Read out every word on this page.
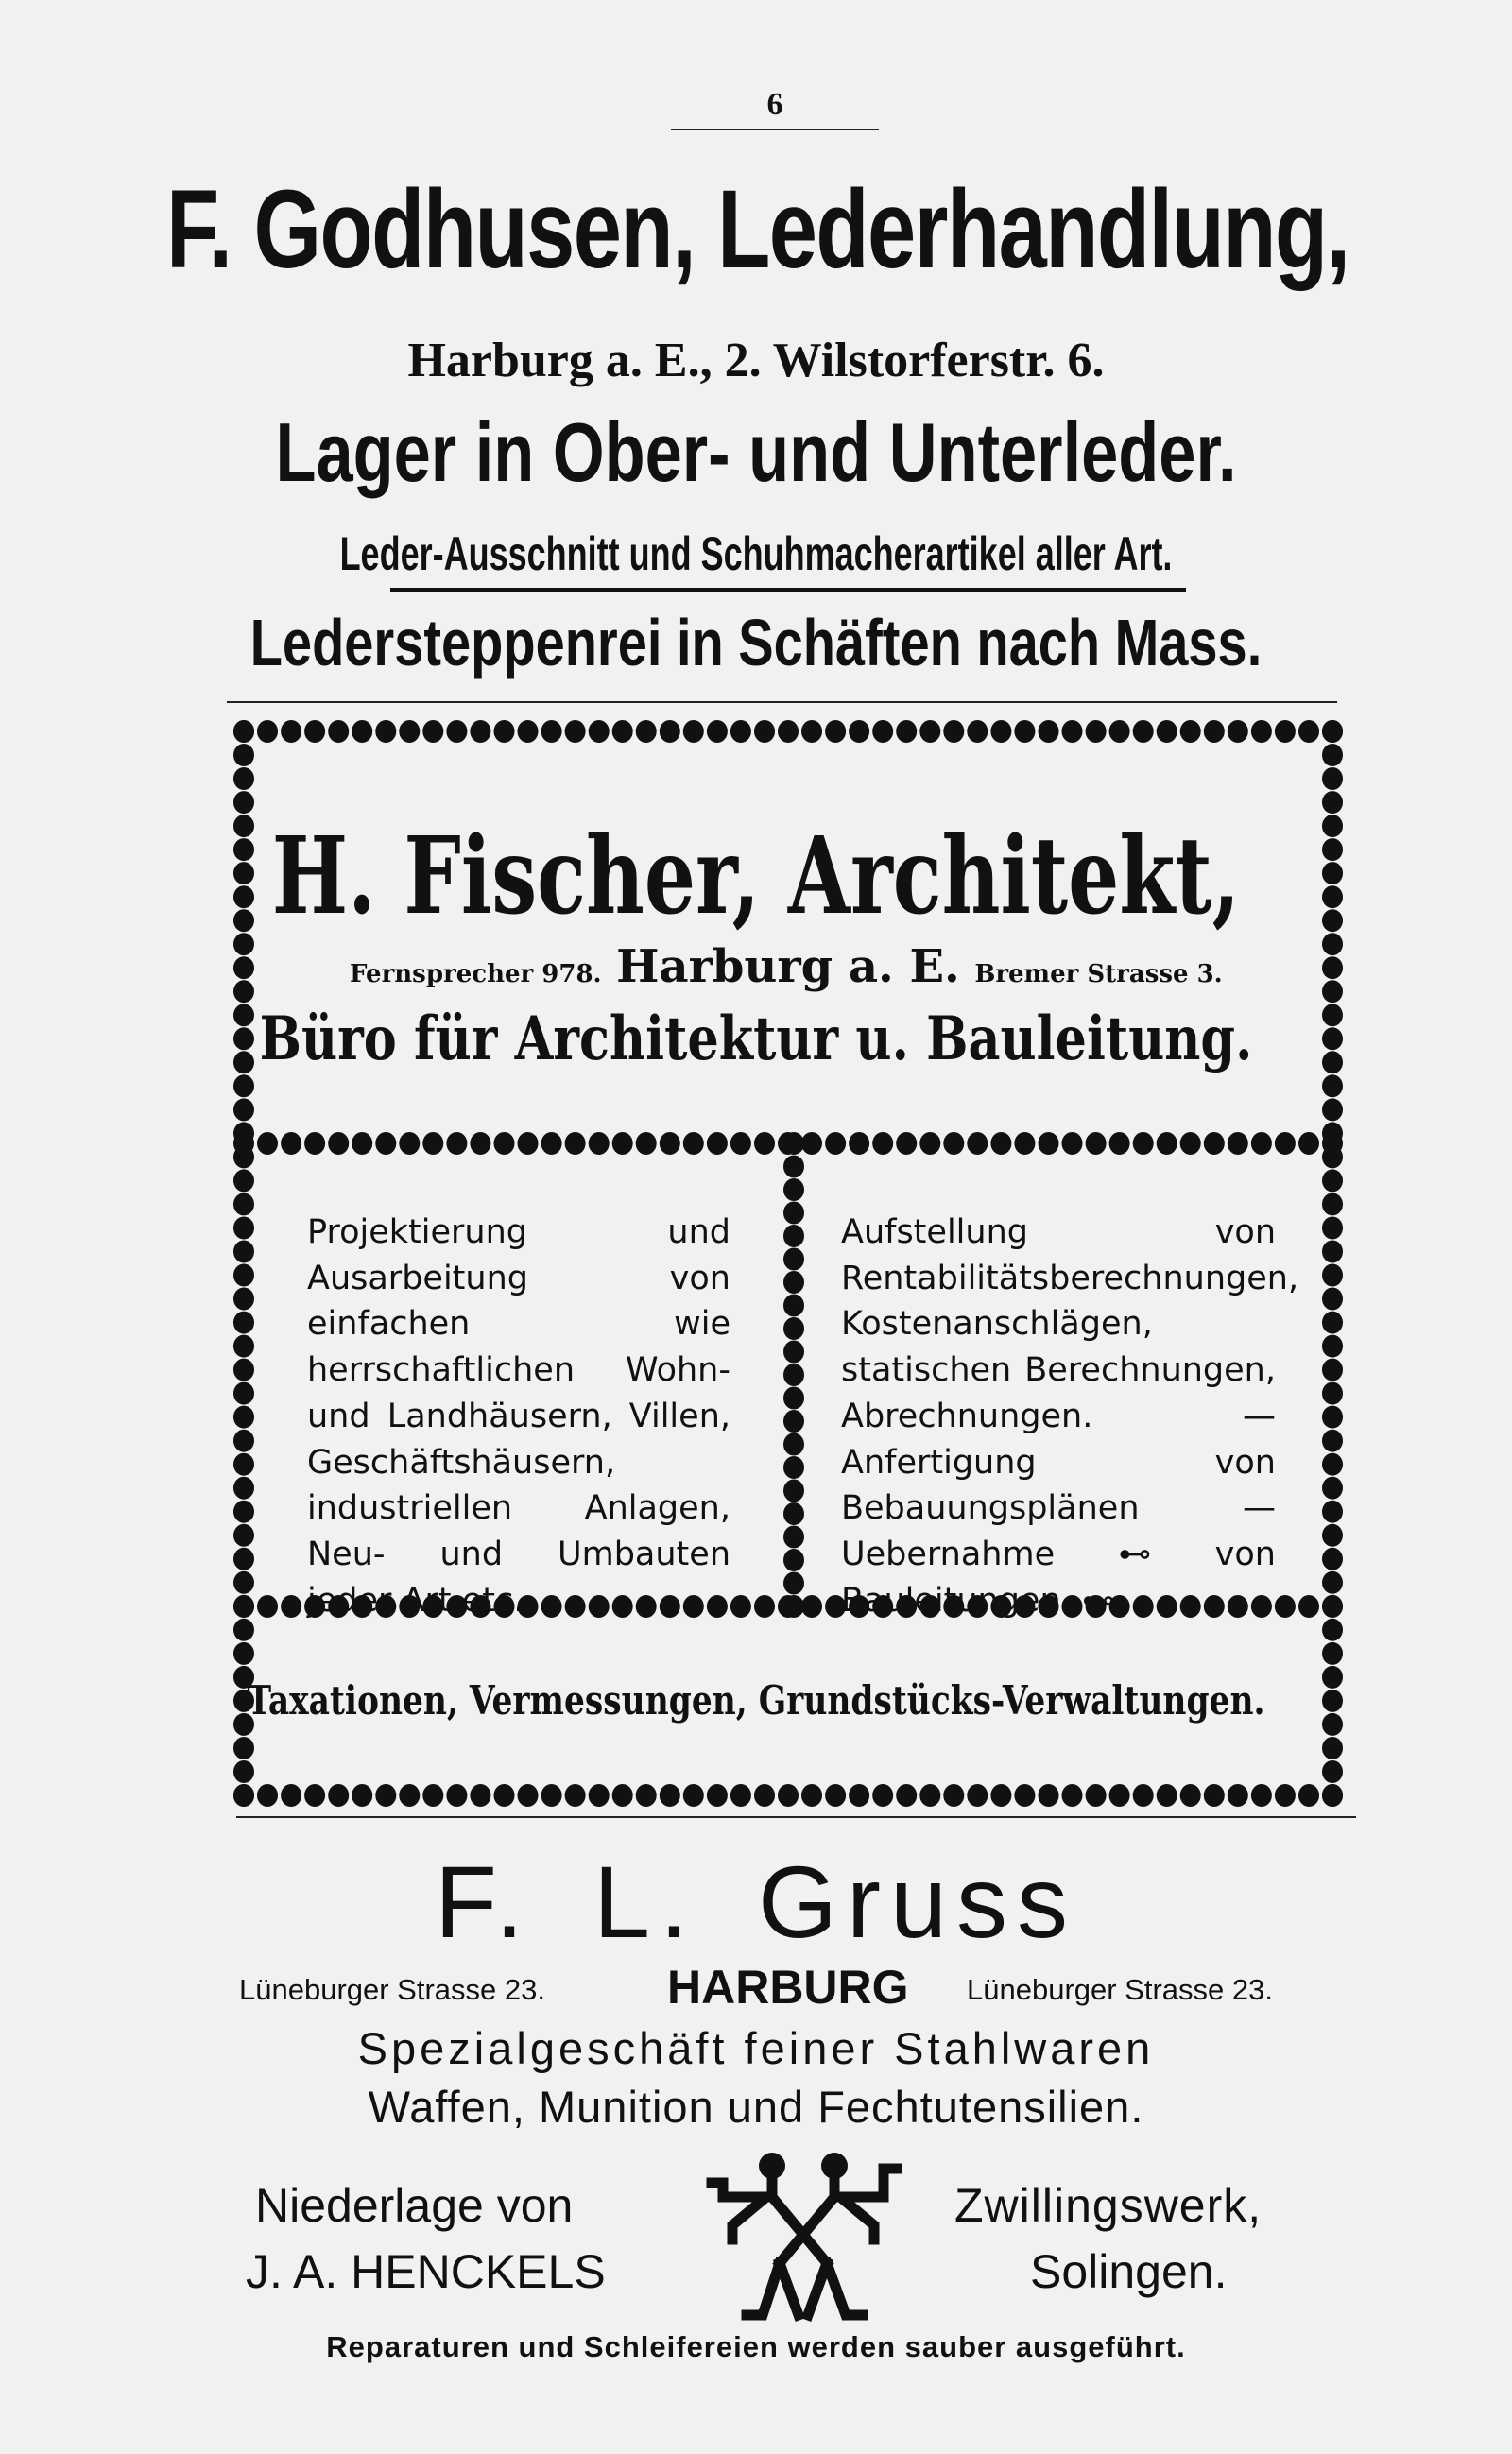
6
F. Godhusen, Lederhandlung,
Harburg a. E., 2. Wilstorferstr. 6.
Lager in Ober- und Unterleder.
Leder-Ausschnitt und Schuhmacherartikel aller Art.
Ledersteppenrei in Schäften nach Mass.
H. Fischer, Architekt,
Fernsprecher 978. Harburg a. E. Bremer Strasse 3.
Büro für Architektur u. Bauleitung.
Projektierung und Ausarbeitung von einfachen wie herrschaftlichen Wohn- und Landhäusern, Villen, Geschäftshäusern, industriellen Anlagen, Neu- und Umbauten jeder Art etc.
Aufstellung von Rentabilitätsberechnungen, Kostenanschlägen, statischen Berechnungen, Abrechnungen. — Anfertigung von Bebauungsplänen — Uebernahme ⊷ von Bauleitungen. ⊷
Taxationen, Vermessungen, Grundstücks-Verwaltungen.
F. L. Gruss
Lüneburger Strasse 23.	HARBURG Lüneburger Strasse 23.
Spezialgeschäft feiner Stahlwaren
Waffen, Munition und Fechtutensilien.
Niederlage von
J. A. HENCKELS
Zwillingswerk,
Solingen.
Reparaturen und Schleifereien werden sauber ausgeführt.
